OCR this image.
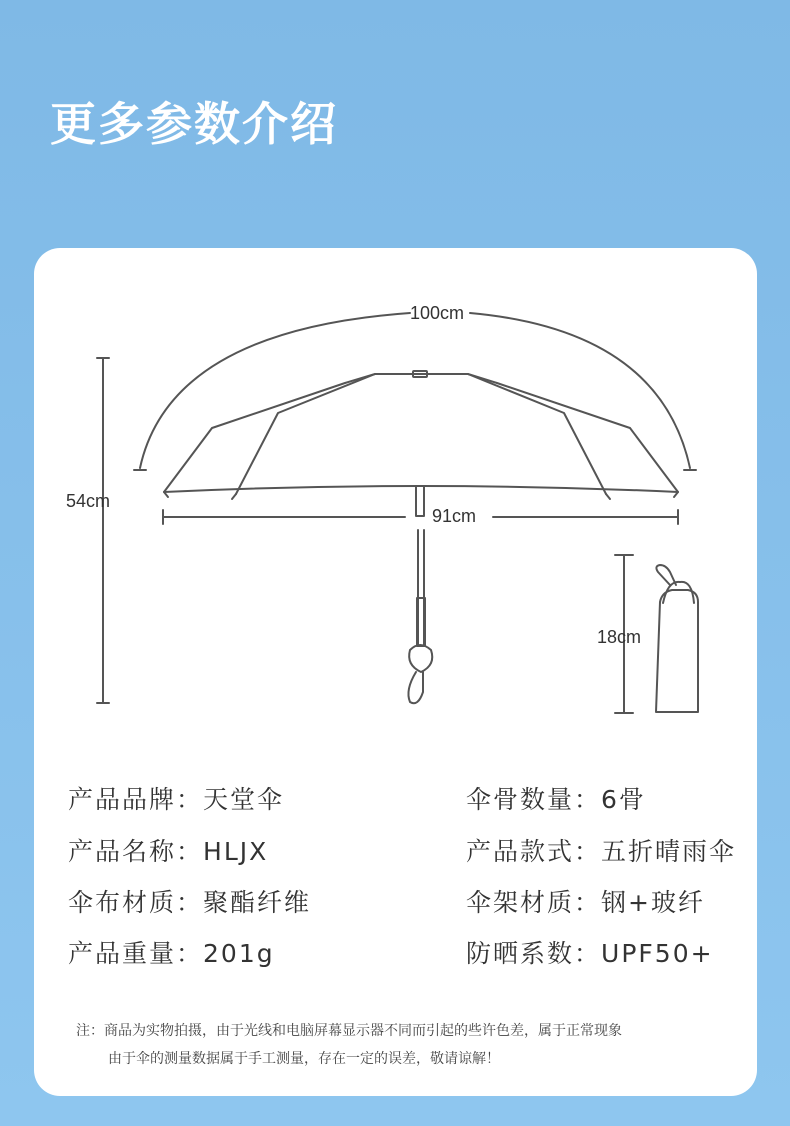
更多参数介绍
100cm
54cm
91cm
18cm
产品品牌：天堂伞
产品名称：HLJX
伞布材质：聚酯纤维
产品重量：201g
伞骨数量：6骨
产品款式：五折晴雨伞
伞架材质：钢+玻纤
防晒系数：UPF50+
注：商品为实物拍摄，由于光线和电脑屏幕显示器不同而引起的些许色差，属于正常现象
由于伞的测量数据属于手工测量，存在一定的误差，敬请谅解！
